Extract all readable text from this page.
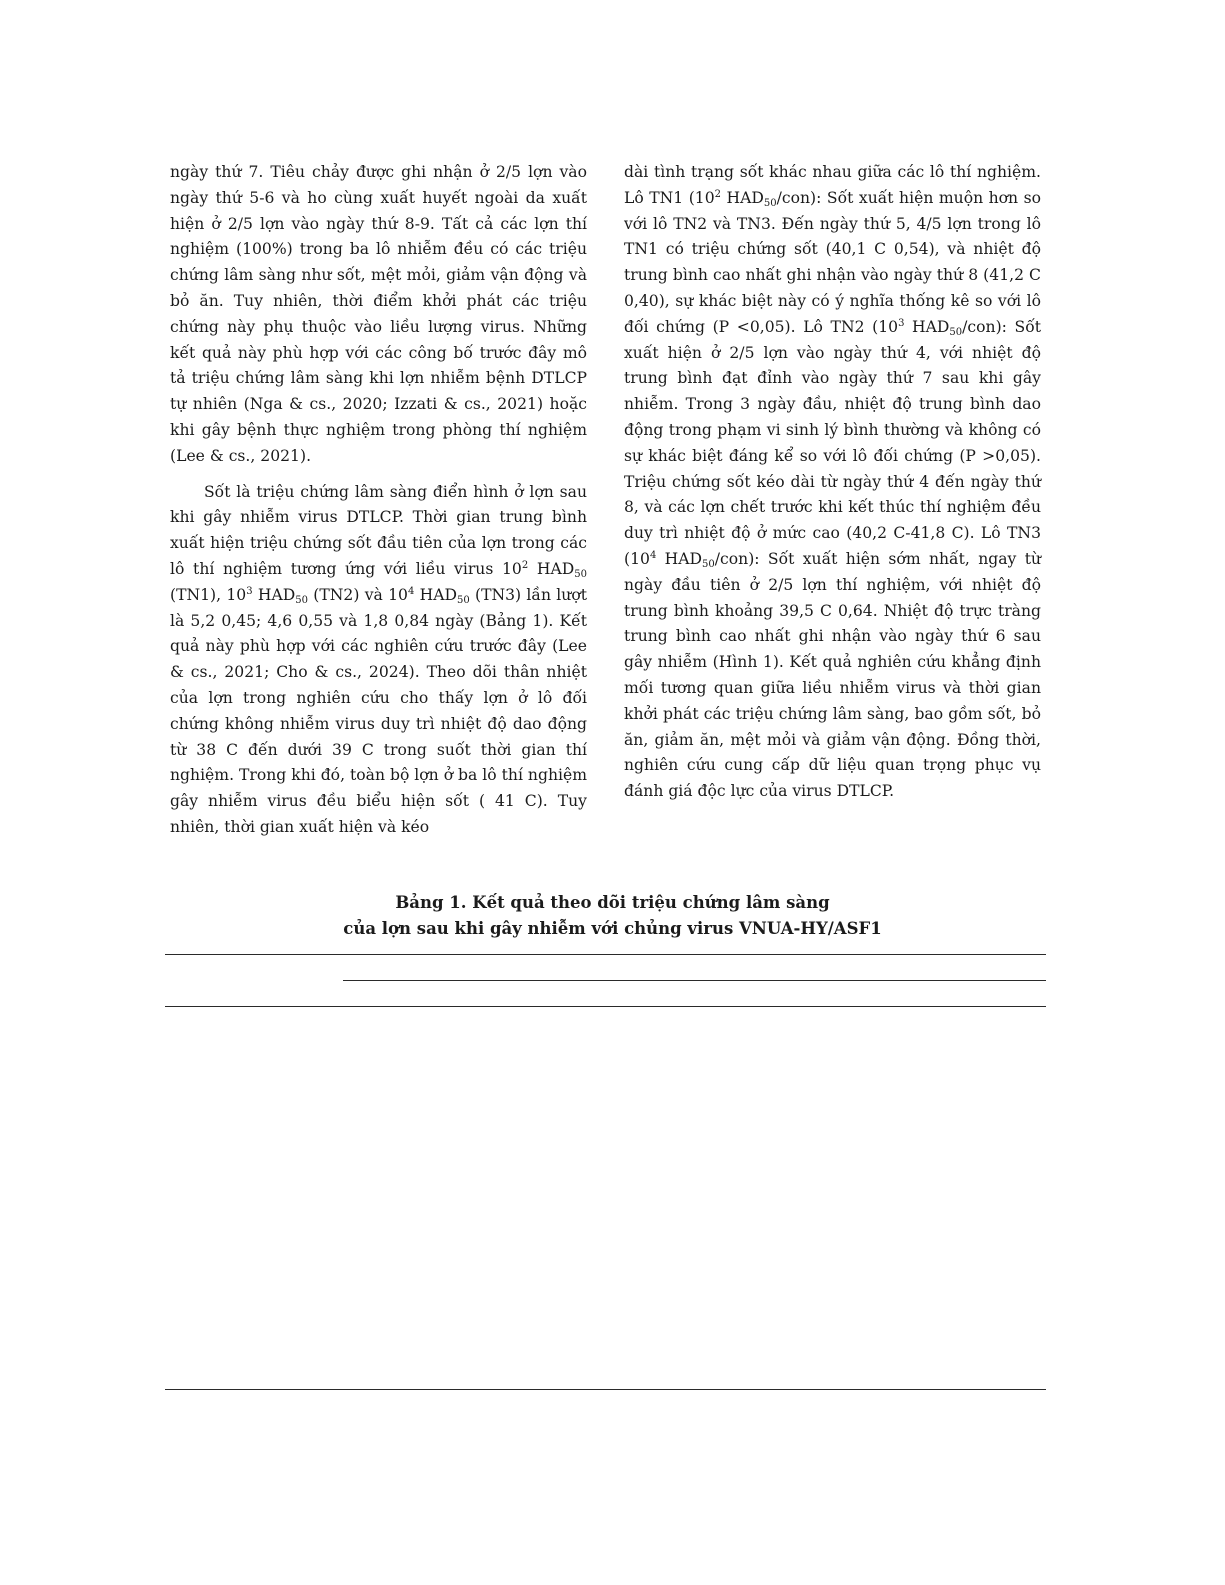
ngày thứ 7. Tiêu chảy được ghi nhận ở 2/5 lợn vào ngày thứ 5-6 và ho cùng xuất huyết ngoài da xuất hiện ở 2/5 lợn vào ngày thứ 8-9. Tất cả các lợn thí nghiệm (100%) trong ba lô nhiễm đều có các triệu chứng lâm sàng như sốt, mệt mỏi, giảm vận động và bỏ ăn. Tuy nhiên, thời điểm khởi phát các triệu chứng này phụ thuộc vào liều lượng virus. Những kết quả này phù hợp với các công bố trước đây mô tả triệu chứng lâm sàng khi lợn nhiễm bệnh DTLCP tự nhiên (Nga & cs., 2020; Izzati & cs., 2021) hoặc khi gây bệnh thực nghiệm trong phòng thí nghiệm (Lee & cs., 2021).

Sốt là triệu chứng lâm sàng điển hình ở lợn sau khi gây nhiễm virus DTLCP. Thời gian trung bình xuất hiện triệu chứng sốt đầu tiên của lợn trong các lô thí nghiệm tương ứng với liều virus $10^2$ $HAD_{50}$ (TN1), $10^3$ $HAD_{50}$ (TN2) và $10^4$ $HAD_{50}$ (TN3) lần lượt là 5,2 0,45; 4,6 0,55 và 1,8 0,84 ngày (Bảng 1). Kết quả này phù hợp với các nghiên cứu trước đây (Lee & cs., 2021; Cho & cs., 2024). Theo dõi thân nhiệt của lợn trong nghiên cứu cho thấy lợn ở lô đối chứng không nhiễm virus duy trì nhiệt độ dao động từ 38 C đến dưới 39 C trong suốt thời gian thí nghiệm. Trong khi đó, toàn bộ lợn ở ba lô thí nghiệm gây nhiễm virus đều biểu hiện sốt ( 41 C). Tuy nhiên, thời gian xuất hiện và kéo

dài tình trạng sốt khác nhau giữa các lô thí nghiệm. Lô TN1 ($10^2$ $HAD_{50}/con$): Sốt xuất hiện muộn hơn so với lô TN2 và TN3. Đến ngày thứ 5, 4/5 lợn trong lô TN1 có triệu chứng sốt (40,1 C 0,54), và nhiệt độ trung bình cao nhất ghi nhận vào ngày thứ 8 (41,2 C 0,40), sự khác biệt này có ý nghĩa thống kê so với lô đối chứng (P <0,05). Lô TN2 ($10^3$ $HAD_{50}/con$): Sốt xuất hiện ở 2/5 lợn vào ngày thứ 4, với nhiệt độ trung bình đạt đỉnh vào ngày thứ 7 sau khi gây nhiễm. Trong 3 ngày đầu, nhiệt độ trung bình dao động trong phạm vi sinh lý bình thường và không có sự khác biệt đáng kể so với lô đối chứng (P >0,05). Triệu chứng sốt kéo dài từ ngày thứ 4 đến ngày thứ 8, và các lợn chết trước khi kết thúc thí nghiệm đều duy trì nhiệt độ ở mức cao (40,2 C-41,8 C). Lô TN3 ($10^4$ $HAD_{50}/con$): Sốt xuất hiện sớm nhất, ngay từ ngày đầu tiên ở 2/5 lợn thí nghiệm, với nhiệt độ trung bình khoảng 39,5 C 0,64. Nhiệt độ trực tràng trung bình cao nhất ghi nhận vào ngày thứ 6 sau gây nhiễm (Hình 1). Kết quả nghiên cứu khẳng định mối tương quan giữa liều nhiễm virus và thời gian khởi phát các triệu chứng lâm sàng, bao gồm sốt, bỏ ăn, giảm ăn, mệt mỏi và giảm vận động. Đồng thời, nghiên cứu cung cấp dữ liệu quan trọng phục vụ đánh giá độc lực của virus DTLCP.

Bảng 1. Kết quả theo dõi triệu chứng lâm sàng
của lợn sau khi gây nhiễm với chủng virus VNUA-HY/ASF1
